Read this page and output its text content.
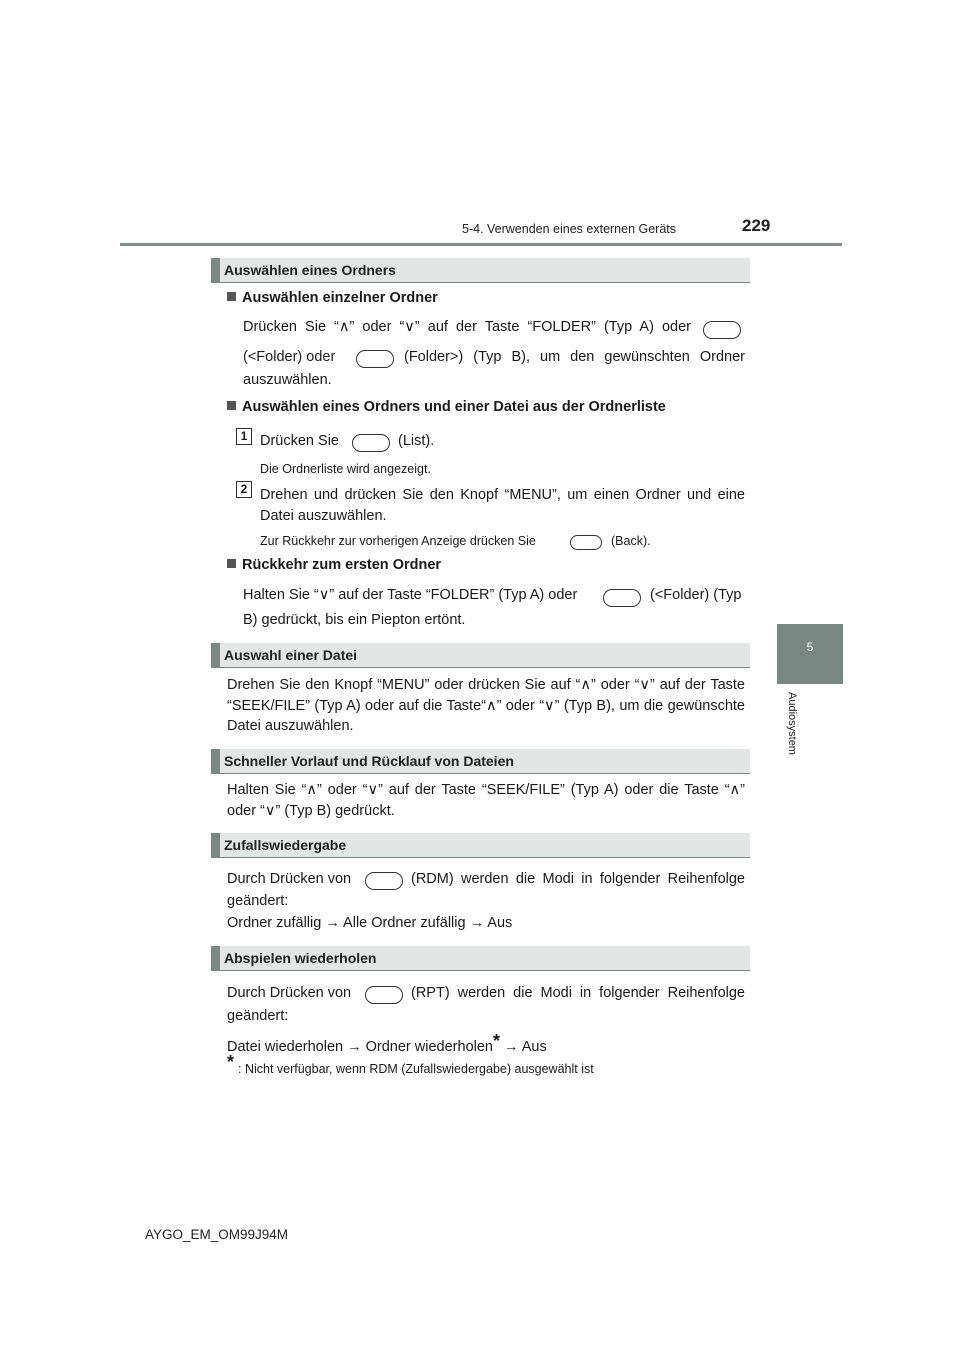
5-4. Verwenden eines externen Geräts	229
5
Audiosystem
Auswählen eines Ordners
Auswählen einzelner Ordner
Drücken Sie “∧” oder “∨” auf der Taste “FOLDER” (Typ A) oder
(<Folder) oder	(Folder>) (Typ B), um den gewünschten Ordner
auszuwählen.
Auswählen eines Ordners und einer Datei aus der Ordnerliste
1 Drücken Sie	(List).
Die Ordnerliste wird angezeigt.
2 Drehen und drücken Sie den Knopf “MENU”, um einen Ordner und eine Datei auszuwählen.
Zur Rückkehr zur vorherigen Anzeige drücken Sie	(Back).
Rückkehr zum ersten Ordner
Halten Sie “∨” auf der Taste “FOLDER” (Typ A) oder	(<Folder) (Typ
B) gedrückt, bis ein Piepton ertönt.
Auswahl einer Datei
Drehen Sie den Knopf “MENU” oder drücken Sie auf “∧” oder “∨” auf der Taste “SEEK/FILE” (Typ A) oder auf die Taste“∧” oder “∨” (Typ B), um die gewünschte Datei auszuwählen.
Schneller Vorlauf und Rücklauf von Dateien
Halten Sie “∧” oder “∨” auf der Taste “SEEK/FILE” (Typ A) oder die Taste “∧” oder “∨” (Typ B) gedrückt.
Zufallswiedergabe
Durch Drücken von	(RDM) werden die Modi in folgender Reihenfolge
geändert:
Ordner zufällig → Alle Ordner zufällig → Aus
Abspielen wiederholen
Durch Drücken von	(RPT) werden die Modi in folgender Reihenfolge
geändert:
Datei wiederholen → Ordner wiederholen* → Aus
* : Nicht verfügbar, wenn RDM (Zufallswiedergabe) ausgewählt ist
AYGO_EM_OM99J94M
